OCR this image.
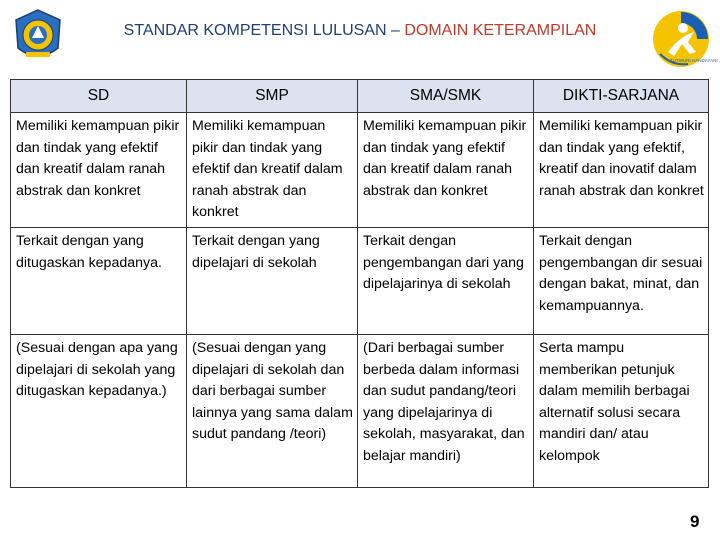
STANDAR KOMPETENSI LULUSAN – DOMAIN KETERAMPILAN
TUTWURI HANDAYANI
SD	SMP	SMA/SMK	DIKTI-SARJANA
Memiliki kemampuan pikir dan tindak yang efektif dan kreatif dalam ranah abstrak dan konkret	Memiliki kemampuan pikir dan tindak yang efektif dan kreatif dalam ranah abstrak dan konkret	Memiliki kemampuan pikir dan tindak yang efektif dan kreatif dalam ranah abstrak dan konkret	Memiliki kemampuan pikir dan tindak yang efektif, kreatif dan inovatif dalam ranah abstrak dan konkret
Terkait dengan yang ditugaskan kepadanya.	Terkait dengan yang dipelajari di sekolah	Terkait dengan pengembangan dari yang dipelajarinya di sekolah	Terkait dengan pengembangan dir sesuai dengan bakat, minat, dan kemampuannya.
(Sesuai dengan apa yang dipelajari di sekolah yang ditugaskan kepadanya.)	(Sesuai dengan yang dipelajari di sekolah dan dari berbagai sumber lainnya yang sama dalam sudut pandang /teori)	(Dari berbagai sumber berbeda dalam informasi dan sudut pandang/teori yang dipelajarinya di sekolah, masyarakat, dan belajar mandiri)	Serta mampu memberikan petunjuk dalam memilih berbagai alternatif solusi secara mandiri dan/ atau kelompok
9
